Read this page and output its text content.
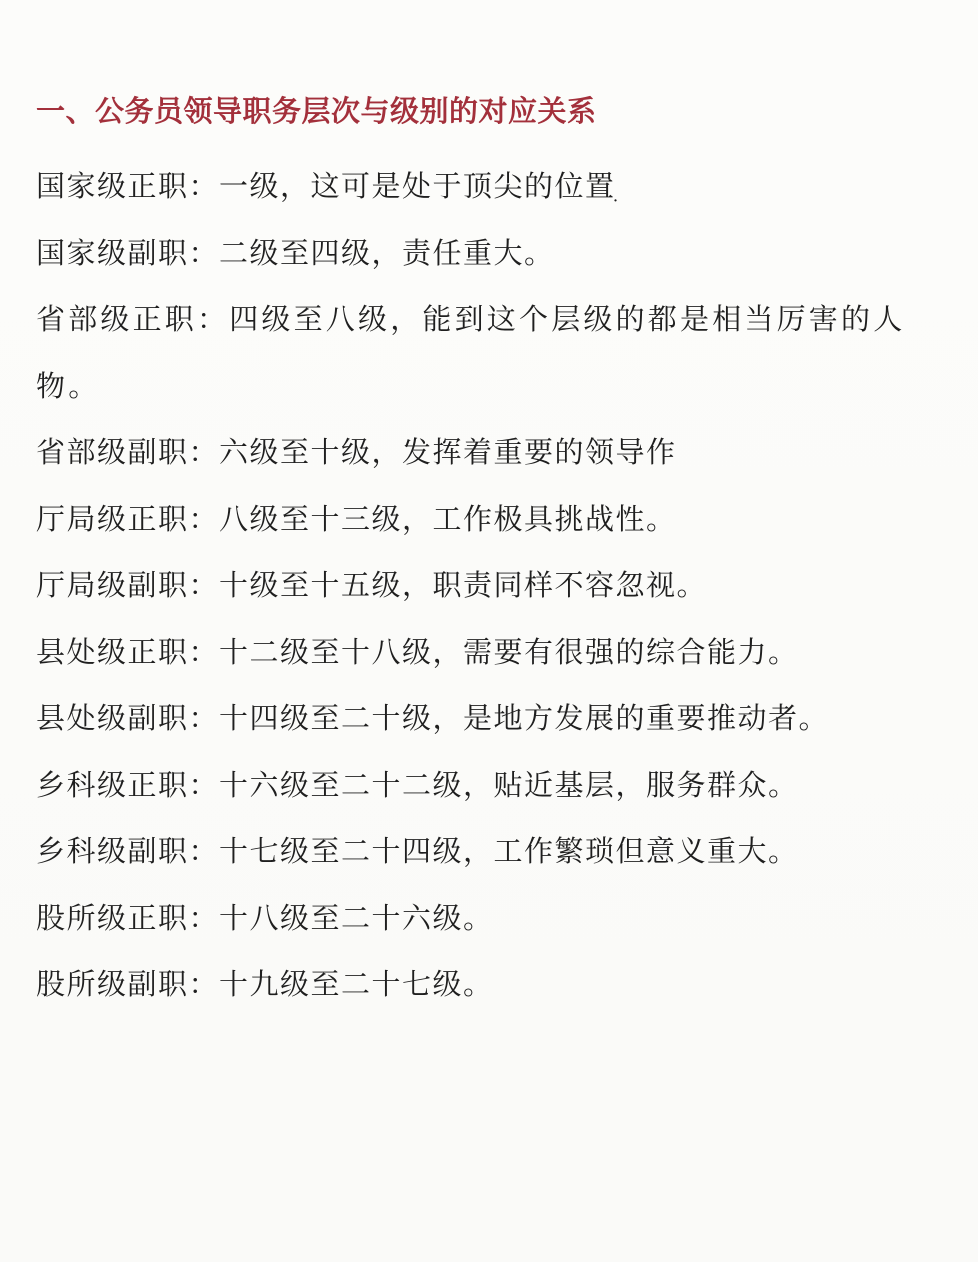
一、公务员领导职务层次与级别的对应关系
国家级正职：一级，这可是处于顶尖的位置ׅ
国家级副职：二级至四级，责任重大。
省部级正职：四级至八级，能到这个层级的都是相当厉害的人物。
省部级副职：六级至十级，发挥着重要的领导作
厅局级正职：八级至十三级，工作极具挑战性。
厅局级副职：十级至十五级，职责同样不容忽视。
县处级正职：十二级至十八级，需要有很强的综合能力。
县处级副职：十四级至二十级，是地方发展的重要推动者。
乡科级正职：十六级至二十二级，贴近基层，服务群众。
乡科级副职：十七级至二十四级，工作繁琐但意义重大。
股所级正职：十八级至二十六级。
股所级副职：十九级至二十七级。
